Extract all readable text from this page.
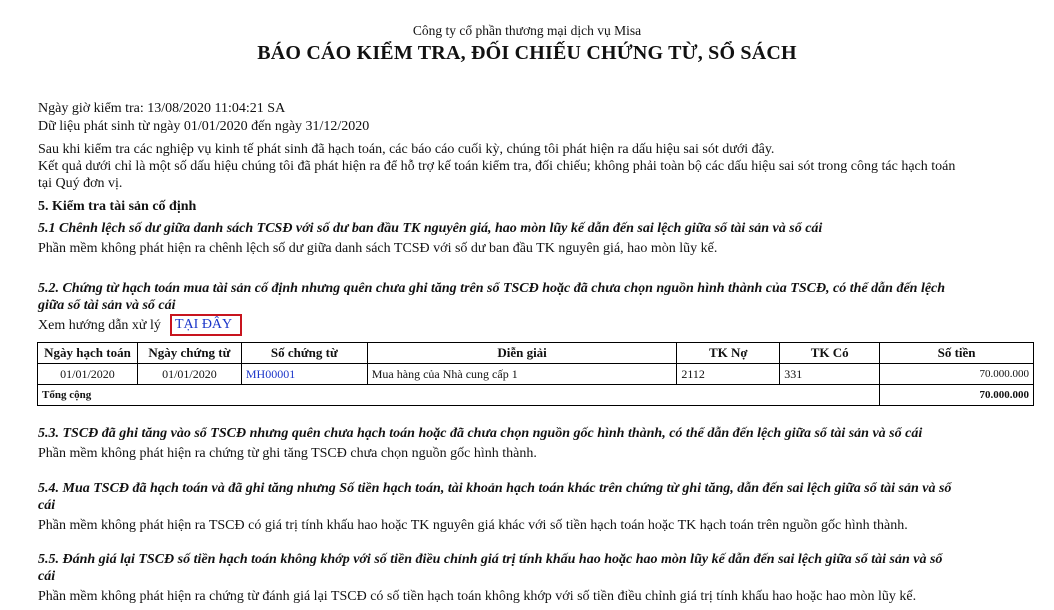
Công ty cổ phần thương mại dịch vụ Misa
BÁO CÁO KIỂM TRA, ĐỐI CHIẾU CHỨNG TỪ, SỔ SÁCH
Ngày giờ kiểm tra: 13/08/2020 11:04:21 SA
Dữ liệu phát sinh từ ngày 01/01/2020 đến ngày 31/12/2020
Sau khi kiểm tra các nghiệp vụ kinh tế phát sinh đã hạch toán, các báo cáo cuối kỳ, chúng tôi phát hiện ra dấu hiệu sai sót dưới đây.
Kết quả dưới chỉ là một số dấu hiệu chúng tôi đã phát hiện ra để hỗ trợ kế toán kiểm tra, đối chiếu; không phải toàn bộ các dấu hiệu sai sót trong công tác hạch toán
tại Quý đơn vị.
5. Kiểm tra tài sản cố định
5.1 Chênh lệch số dư giữa danh sách TCSĐ với số dư ban đầu TK nguyên giá, hao mòn lũy kế dẫn đến sai lệch giữa sổ tài sản và sổ cái
Phần mềm không phát hiện ra chênh lệch số dư giữa danh sách TCSĐ với số dư ban đầu TK nguyên giá, hao mòn lũy kế.
5.2. Chứng từ hạch toán mua tài sản cố định nhưng quên chưa ghi tăng trên sổ TSCĐ hoặc đã chưa chọn nguồn hình thành của TSCĐ, có thể dẫn đến lệch
giữa sổ tài sản và sổ cái
Xem hướng dẫn xử lý TẠI ĐÂY
Ngày hạch toán	Ngày chứng từ	Số chứng từ	Diễn giải	TK Nợ	TK Có	Số tiền
01/01/2020	01/01/2020	MH00001	Mua hàng của Nhà cung cấp 1	2112	331	70.000.000
Tổng cộng						70.000.000
5.3. TSCĐ đã ghi tăng vào sổ TSCĐ nhưng quên chưa hạch toán hoặc đã chưa chọn nguồn gốc hình thành, có thể dẫn đến lệch giữa sổ tài sản và sổ cái
Phần mềm không phát hiện ra chứng từ ghi tăng TSCĐ chưa chọn nguồn gốc hình thành.
5.4. Mua TSCĐ đã hạch toán và đã ghi tăng nhưng Số tiền hạch toán, tài khoản hạch toán khác trên chứng từ ghi tăng, dẫn đến sai lệch giữa sổ tài sản và sổ
cái
Phần mềm không phát hiện ra TSCĐ có giá trị tính khấu hao hoặc TK nguyên giá khác với số tiền hạch toán hoặc TK hạch toán trên nguồn gốc hình thành.
5.5. Đánh giá lại TSCĐ số tiền hạch toán không khớp với số tiền điều chỉnh giá trị tính khấu hao hoặc hao mòn lũy kế dẫn đến sai lệch giữa sổ tài sản và sổ
cái
Phần mềm không phát hiện ra chứng từ đánh giá lại TSCĐ có số tiền hạch toán không khớp với số tiền điều chỉnh giá trị tính khấu hao hoặc hao mòn lũy kế.
